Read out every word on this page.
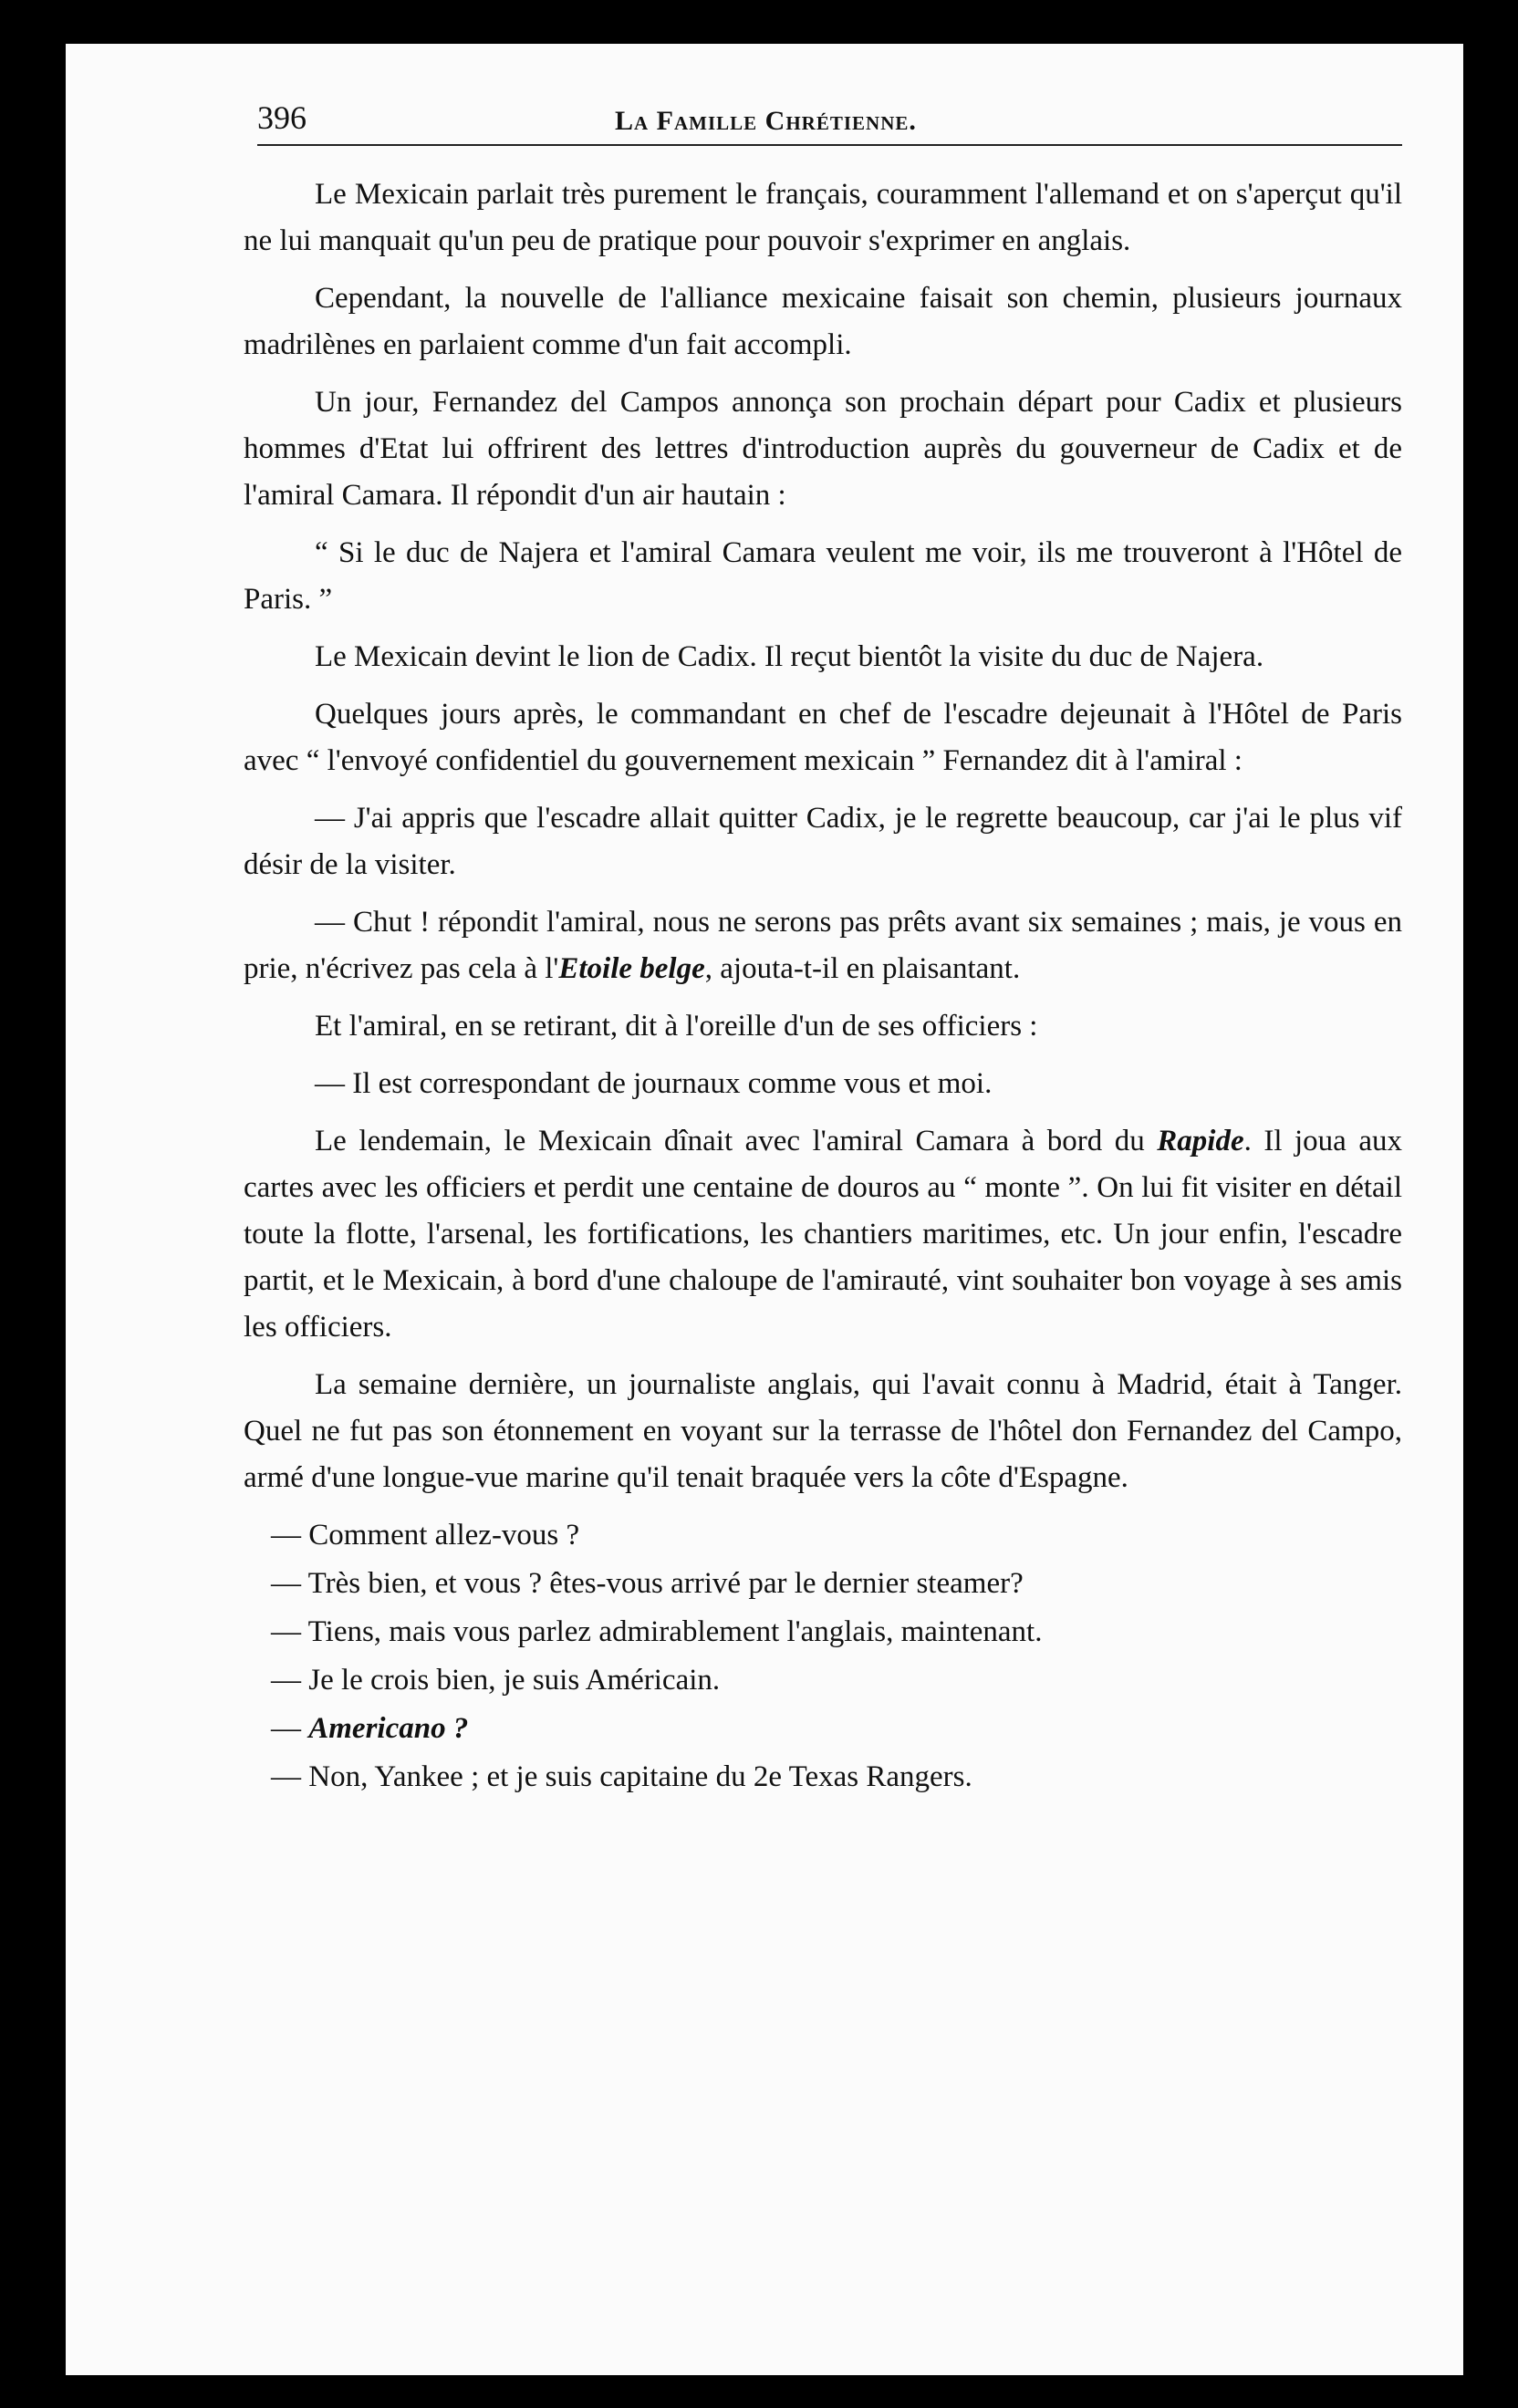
396	La Famille Chrétienne.

Le Mexicain parlait très purement le français, couramment l'allemand et on s'aperçut qu'il ne lui manquait qu'un peu de pratique pour pouvoir s'exprimer en anglais.

Cependant, la nouvelle de l'alliance mexicaine faisait son chemin, plusieurs journaux madrilènes en parlaient comme d'un fait accompli.

Un jour, Fernandez del Campos annonça son prochain départ pour Cadix et plusieurs hommes d'Etat lui offrirent des lettres d'introduction auprès du gouverneur de Cadix et de l'amiral Camara. Il répondit d'un air hautain :

“ Si le duc de Najera et l'amiral Camara veulent me voir, ils me trouveront à l'Hôtel de Paris. ”

Le Mexicain devint le lion de Cadix. Il reçut bientôt la visite du duc de Najera.

Quelques jours après, le commandant en chef de l'escadre dejeunait à l'Hôtel de Paris avec “ l'envoyé confidentiel du gouvernement mexicain ” Fernandez dit à l'amiral :

— J'ai appris que l'escadre allait quitter Cadix, je le regrette beaucoup, car j'ai le plus vif désir de la visiter.

— Chut ! répondit l'amiral, nous ne serons pas prêts avant six semaines ; mais, je vous en prie, n'écrivez pas cela à l'Etoile belge, ajouta-t-il en plaisantant.

Et l'amiral, en se retirant, dit à l'oreille d'un de ses officiers :

— Il est correspondant de journaux comme vous et moi.

Le lendemain, le Mexicain dînait avec l'amiral Camara à bord du Rapide. Il joua aux cartes avec les officiers et perdit une centaine de douros au “ monte ”. On lui fit visiter en détail toute la flotte, l'arsenal, les fortifications, les chantiers maritimes, etc. Un jour enfin, l'escadre partit, et le Mexicain, à bord d'une chaloupe de l'amirauté, vint souhaiter bon voyage à ses amis les officiers.

La semaine dernière, un journaliste anglais, qui l'avait connu à Madrid, était à Tanger. Quel ne fut pas son étonnement en voyant sur la terrasse de l'hôtel don Fernandez del Campo, armé d'une longue-vue marine qu'il tenait braquée vers la côte d'Espagne.

— Comment allez-vous ?

— Très bien, et vous ? êtes-vous arrivé par le dernier steamer?

— Tiens, mais vous parlez admirablement l'anglais, maintenant.

— Je le crois bien, je suis Américain.

— Americano ?

— Non, Yankee ; et je suis capitaine du 2e Texas Rangers.
